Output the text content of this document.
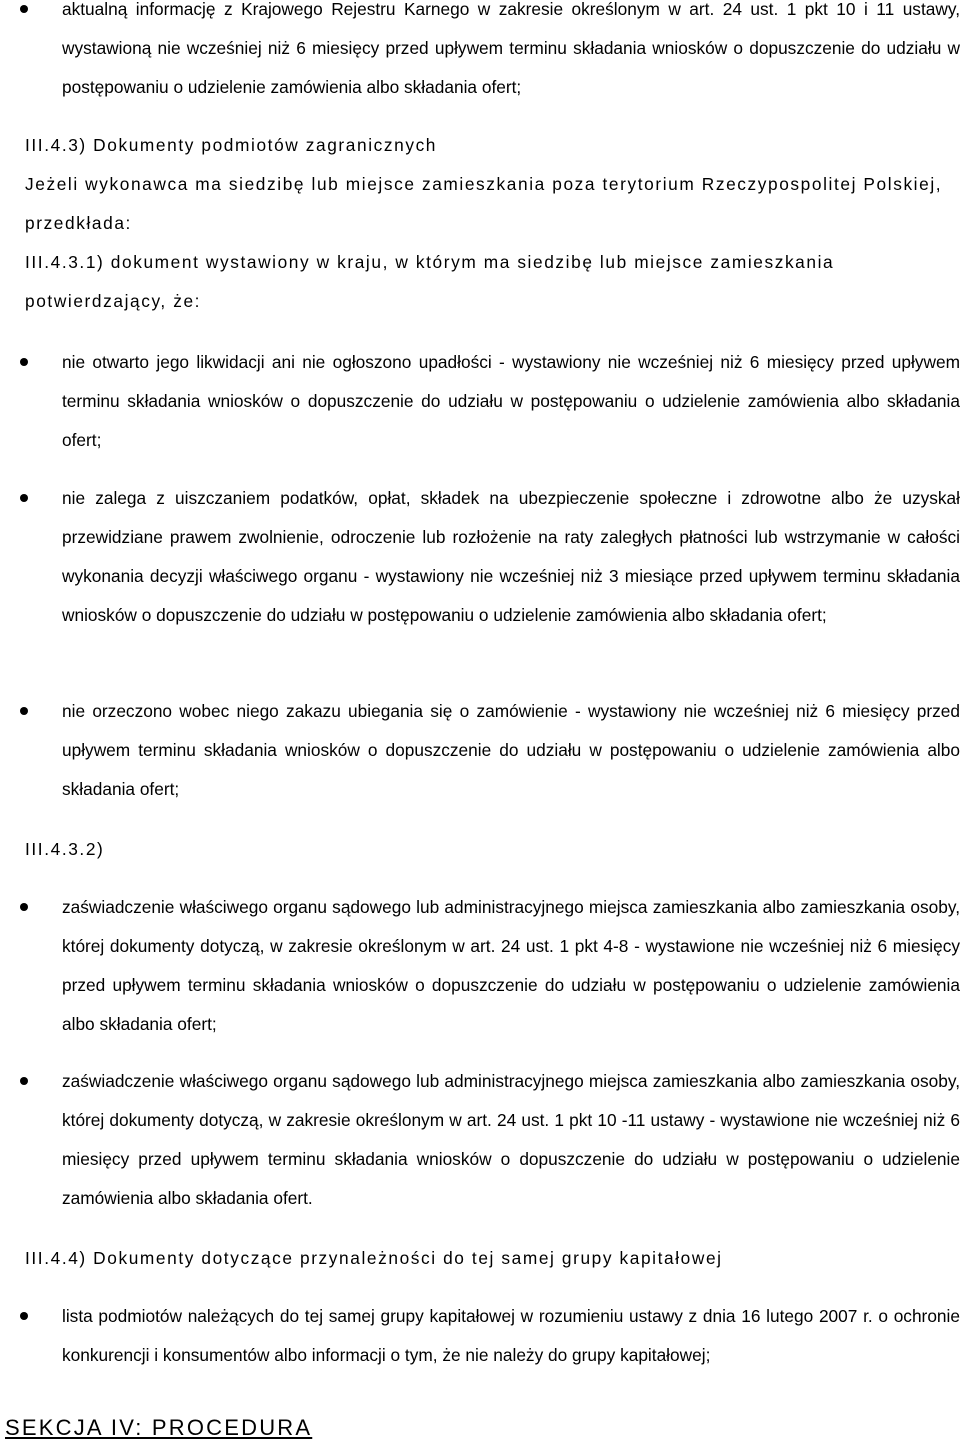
aktualną informację z Krajowego Rejestru Karnego w zakresie określonym w art. 24 ust. 1 pkt 10 i 11 ustawy, wystawioną nie wcześniej niż 6 miesięcy przed upływem terminu składania wniosków o dopuszczenie do udziału w postępowaniu o udzielenie zamówienia albo składania ofert;
III.4.3) Dokumenty podmiotów zagranicznych
Jeżeli wykonawca ma siedzibę lub miejsce zamieszkania poza terytorium Rzeczypospolitej Polskiej, przedkłada:
III.4.3.1) dokument wystawiony w kraju, w którym ma siedzibę lub miejsce zamieszkania potwierdzający, że:
nie otwarto jego likwidacji ani nie ogłoszono upadłości - wystawiony nie wcześniej niż 6 miesięcy przed upływem terminu składania wniosków o dopuszczenie do udziału w postępowaniu o udzielenie zamówienia albo składania ofert;
nie zalega z uiszczaniem podatków, opłat, składek na ubezpieczenie społeczne i zdrowotne albo że uzyskał przewidziane prawem zwolnienie, odroczenie lub rozłożenie na raty zaległych płatności lub wstrzymanie w całości wykonania decyzji właściwego organu - wystawiony nie wcześniej niż 3 miesiące przed upływem terminu składania wniosków o dopuszczenie do udziału w postępowaniu o udzielenie zamówienia albo składania ofert;
nie orzeczono wobec niego zakazu ubiegania się o zamówienie - wystawiony nie wcześniej niż 6 miesięcy przed upływem terminu składania wniosków o dopuszczenie do udziału w postępowaniu o udzielenie zamówienia albo składania ofert;
III.4.3.2)
zaświadczenie właściwego organu sądowego lub administracyjnego miejsca zamieszkania albo zamieszkania osoby, której dokumenty dotyczą, w zakresie określonym w art. 24 ust. 1 pkt 4-8 - wystawione nie wcześniej niż 6 miesięcy przed upływem terminu składania wniosków o dopuszczenie do udziału w postępowaniu o udzielenie zamówienia albo składania ofert;
zaświadczenie właściwego organu sądowego lub administracyjnego miejsca zamieszkania albo zamieszkania osoby, której dokumenty dotyczą, w zakresie określonym w art. 24 ust. 1 pkt 10 -11 ustawy - wystawione nie wcześniej niż 6 miesięcy przed upływem terminu składania wniosków o dopuszczenie do udziału w postępowaniu o udzielenie zamówienia albo składania ofert.
III.4.4) Dokumenty dotyczące przynależności do tej samej grupy kapitałowej
lista podmiotów należących do tej samej grupy kapitałowej w rozumieniu ustawy z dnia 16 lutego 2007 r. o ochronie konkurencji i konsumentów albo informacji o tym, że nie należy do grupy kapitałowej;
SEKCJA IV: PROCEDURA
